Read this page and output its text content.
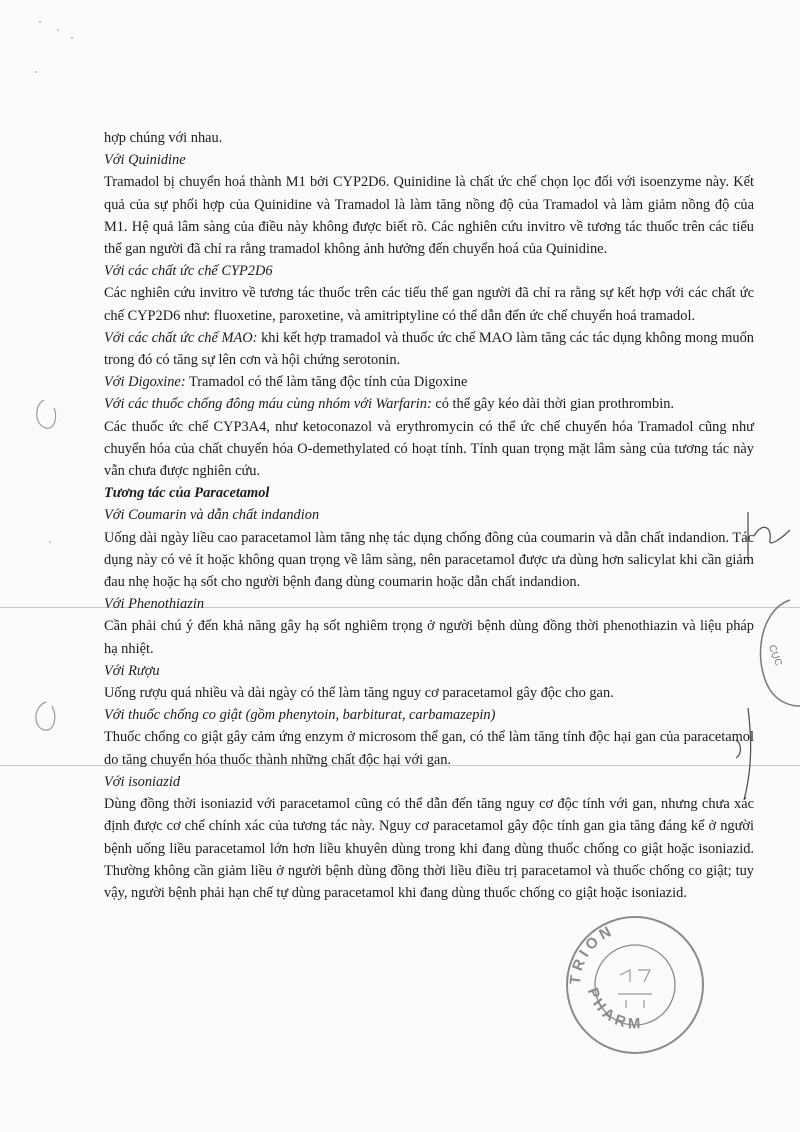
CỤC
TRION
PHARM

hợp chúng với nhau.

Với Quinidine

Tramadol bị chuyển hoá thành M1 bởi CYP2D6. Quinidine là chất ức chế chọn lọc đối với isoenzyme này. Kết quả của sự phối hợp của Quinidine và Tramadol là làm tăng nồng độ của Tramadol và làm giảm nồng độ của M1. Hệ quả lâm sàng của điều này không được biết rõ. Các nghiên cứu invitro về tương tác thuốc trên các tiểu thể gan người đã chỉ ra rằng tramadol không ảnh hưởng đến chuyển hoá của Quinidine.

Với các chất ức chế CYP2D6

Các nghiên cứu invitro về tương tác thuốc trên các tiểu thể gan người đã chỉ ra rằng sự kết hợp với các chất ức chế CYP2D6 như: fluoxetine, paroxetine, và amitriptyline có thể dẫn đến ức chế chuyển hoá tramadol.

Với các chất ức chế MAO: khi kết hợp tramadol và thuốc ức chế MAO làm tăng các tác dụng không mong muốn trong đó có tăng sự lên cơn và hội chứng serotonin.

Với Digoxine: Tramadol có thể làm tăng độc tính của Digoxine

Với các thuốc chống đông máu cùng nhóm với Warfarin: có thể gây kéo dài thời gian prothrombin.

Các thuốc ức chế CYP3A4, như ketoconazol và erythromycin có thể ức chế chuyển hóa Tramadol cũng như chuyển hóa của chất chuyển hóa O-demethylated có hoạt tính. Tính quan trọng mặt lâm sàng của tương tác này vẫn chưa được nghiên cứu.

Tương tác của Paracetamol

Với Coumarin và dẫn chất indandion

Uống dài ngày liều cao paracetamol làm tăng nhẹ tác dụng chống đông của coumarin và dẫn chất indandion. Tác dụng này có vẻ ít hoặc không quan trọng về lâm sàng, nên paracetamol được ưa dùng hơn salicylat khi cần giảm đau nhẹ hoặc hạ sốt cho người bệnh đang dùng coumarin hoặc dẫn chất indandion.

Với Phenothiazin

Cần phải chú ý đến khả năng gây hạ sốt nghiêm trọng ở người bệnh dùng đồng thời phenothiazin và liệu pháp hạ nhiệt.

Với Rượu

Uống rượu quá nhiều và dài ngày có thể làm tăng nguy cơ paracetamol gây độc cho gan.

Với thuốc chống co giật (gồm phenytoin, barbiturat, carbamazepin)

Thuốc chống co giật gây cảm ứng enzym ở microsom thể gan, có thể làm tăng tính độc hại gan của paracetamol do tăng chuyển hóa thuốc thành những chất độc hại với gan.

Với isoniazid

Dùng đồng thời isoniazid với paracetamol cũng có thể dẫn đến tăng nguy cơ độc tính với gan, nhưng chưa xác định được cơ chế chính xác của tương tác này. Nguy cơ paracetamol gây độc tính gan gia tăng đáng kể ở người bệnh uống liều paracetamol lớn hơn liều khuyên dùng trong khi đang dùng thuốc chống co giật hoặc isoniazid. Thường không cần giảm liều ở người bệnh dùng đồng thời liều điều trị paracetamol và thuốc chống co giật; tuy vậy, người bệnh phải hạn chế tự dùng paracetamol khi đang dùng thuốc chống co giật hoặc isoniazid.
